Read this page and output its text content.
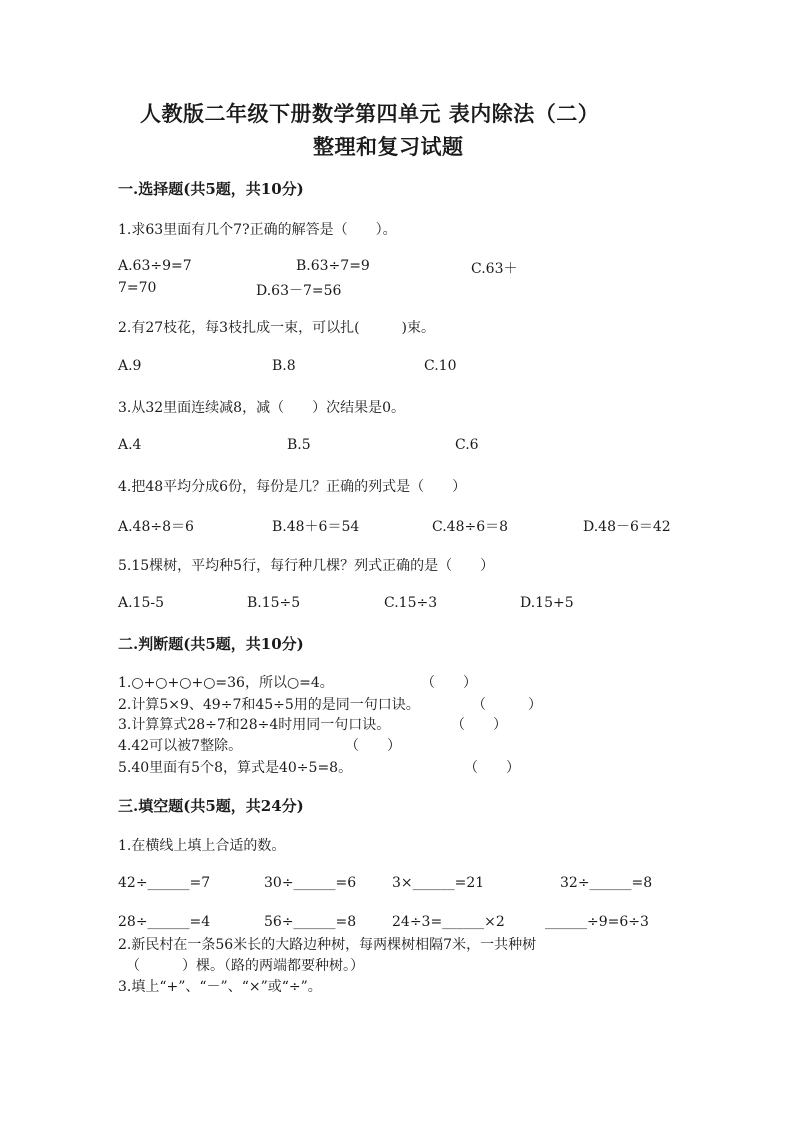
人教版二年级下册数学第四单元 表内除法（二）
整理和复习试题
一.选择题(共5题，共10分)
1.求63里面有几个7?正确的解答是（　　）。
A.63÷9=7	B.63÷7=9	C.63＋
7=70	D.63－7=56
2.有27枝花，每3枝扎成一束，可以扎(　　　)束。
A.9	B.8	C.10
3.从32里面连续减8，减（　　）次结果是0。
A.4	B.5	C.6
4.把48平均分成6份，每份是几？正确的列式是（　　）
A.48÷8＝6	B.48＋6＝54	C.48÷6＝8	D.48－6＝42
5.15棵树，平均种5行，每行种几棵？列式正确的是（　　）
A.15-5	B.15÷5	C.15÷3	D.15+5
二.判断题(共5题，共10分)
1.○+○+○+○=36，所以○=4。	（　　）
2.计算5×9、49÷7和45÷5用的是同一句口诀。	（　　　）
3.计算算式28÷7和28÷4时用同一句口诀。	（　　）
4.42可以被7整除。	（　　）
5.40里面有5个8，算式是40÷5=8。	（　　）
三.填空题(共5题，共24分)
1.在横线上填上合适的数。
42÷______=7	30÷______=6	3×______=21	32÷______=8
28÷______=4	56÷______=8	24÷3=______×2	______÷9=6÷3
2.新民村在一条56米长的大路边种树，每两棵树相隔7米，一共种树
（　　　）棵。（路的两端都要种树。）
3.填上“+”、“－”、“×”或“÷”。
